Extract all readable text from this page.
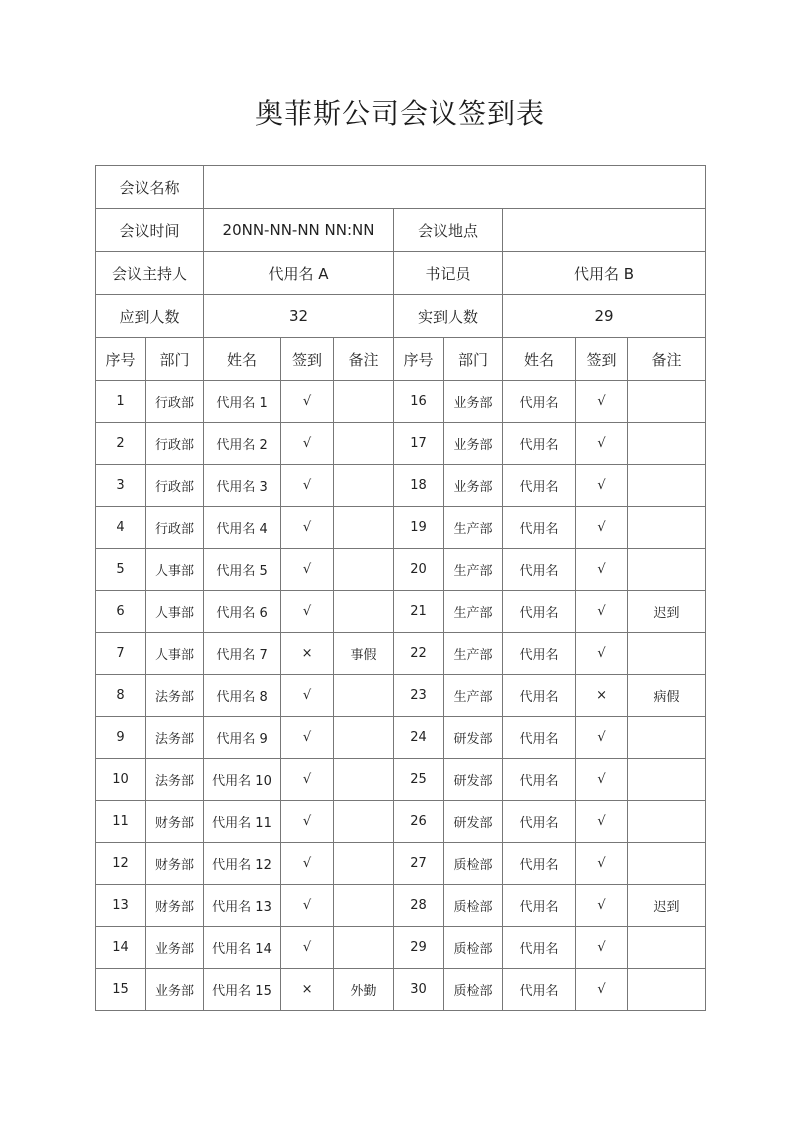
奥菲斯公司会议签到表
会议名称									
会议时间		20NN-NN-NN NN:NN			会议地点				
会议主持人		代用名 A			书记员		代用名 B		
应到人数		32			实到人数		29		
序号	部门	姓名	签到	备注	序号	部门	姓名	签到	备注
1	行政部	代用名 1	√		16	业务部	代用名	√	
2	行政部	代用名 2	√		17	业务部	代用名	√	
3	行政部	代用名 3	√		18	业务部	代用名	√	
4	行政部	代用名 4	√		19	生产部	代用名	√	
5	人事部	代用名 5	√		20	生产部	代用名	√	
6	人事部	代用名 6	√		21	生产部	代用名	√	迟到
7	人事部	代用名 7	×	事假	22	生产部	代用名	√	
8	法务部	代用名 8	√		23	生产部	代用名	×	病假
9	法务部	代用名 9	√		24	研发部	代用名	√	
10	法务部	代用名 10	√		25	研发部	代用名	√	
11	财务部	代用名 11	√		26	研发部	代用名	√	
12	财务部	代用名 12	√		27	质检部	代用名	√	
13	财务部	代用名 13	√		28	质检部	代用名	√	迟到
14	业务部	代用名 14	√		29	质检部	代用名	√	
15	业务部	代用名 15	×	外勤	30	质检部	代用名	√	
